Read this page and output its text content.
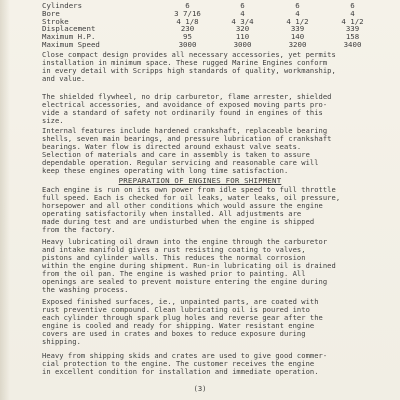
Cylinders	6	6	6	6
Bore	3 7/16	4	4	4
Stroke	4 1/8	4 3/4	4 1/2	4 1/2
Displacement	230	320	339	339
Maximum H.P.	95	110	140	158
Maximum Speed	3000	3000	3200	3400
Close compact design provides all necessary accessories, yet permits
installation in minimum space. These rugged Marine Engines conform
in every detail with Scripps high standards of quality, workmanship,
and value.
The shielded flywheel, no drip carburetor, flame arrester, shielded
electrical accessories, and avoidance of exposed moving parts pro-
vide a standard of safety not ordinarily found in engines of this
size.
Internal features include hardened crankshaft, replaceable bearing
shells, seven main bearings, and pressure lubrication of crankshaft
bearings. Water flow is directed around exhaust valve seats.
Selection of materials and care in assembly is taken to assure
dependable operation. Regular servicing and reasonable care will
keep these engines operating with long time satisfaction.
PREPARATION OF ENGINES FOR SHIPMENT
Each engine is run on its own power from idle speed to full throttle
full speed. Each is checked for oil leaks, water leaks, oil pressure,
horsepower and all other conditions which would assure the engine
operating satisfactorily when installed. All adjustments are
made during test and are undisturbed when the engine is shipped
from the factory.
Heavy lubricating oil drawn into the engine through the carburetor
and intake manifold gives a rust resisting coating to valves,
pistons and cylinder walls. This reduces the normal corrosion
within the engine during shipment. Run-in lubricating oil is drained
from the oil pan. The engine is washed prior to painting. All
openings are sealed to prevent moisture entering the engine during
the washing process.
Exposed finished surfaces, ie., unpainted parts, are coated with
rust preventive compound. Clean lubricating oil is poured into
each cylinder through spark plug holes and reverse gear after the
engine is cooled and ready for shipping. Water resistant engine
covers are used in crates and boxes to reduce exposure during
shipping.
Heavy from shipping skids and crates are used to give good commer-
cial protection to the engine. The customer receives the engine
in excellent condition for installation and immediate operation.
(3)
